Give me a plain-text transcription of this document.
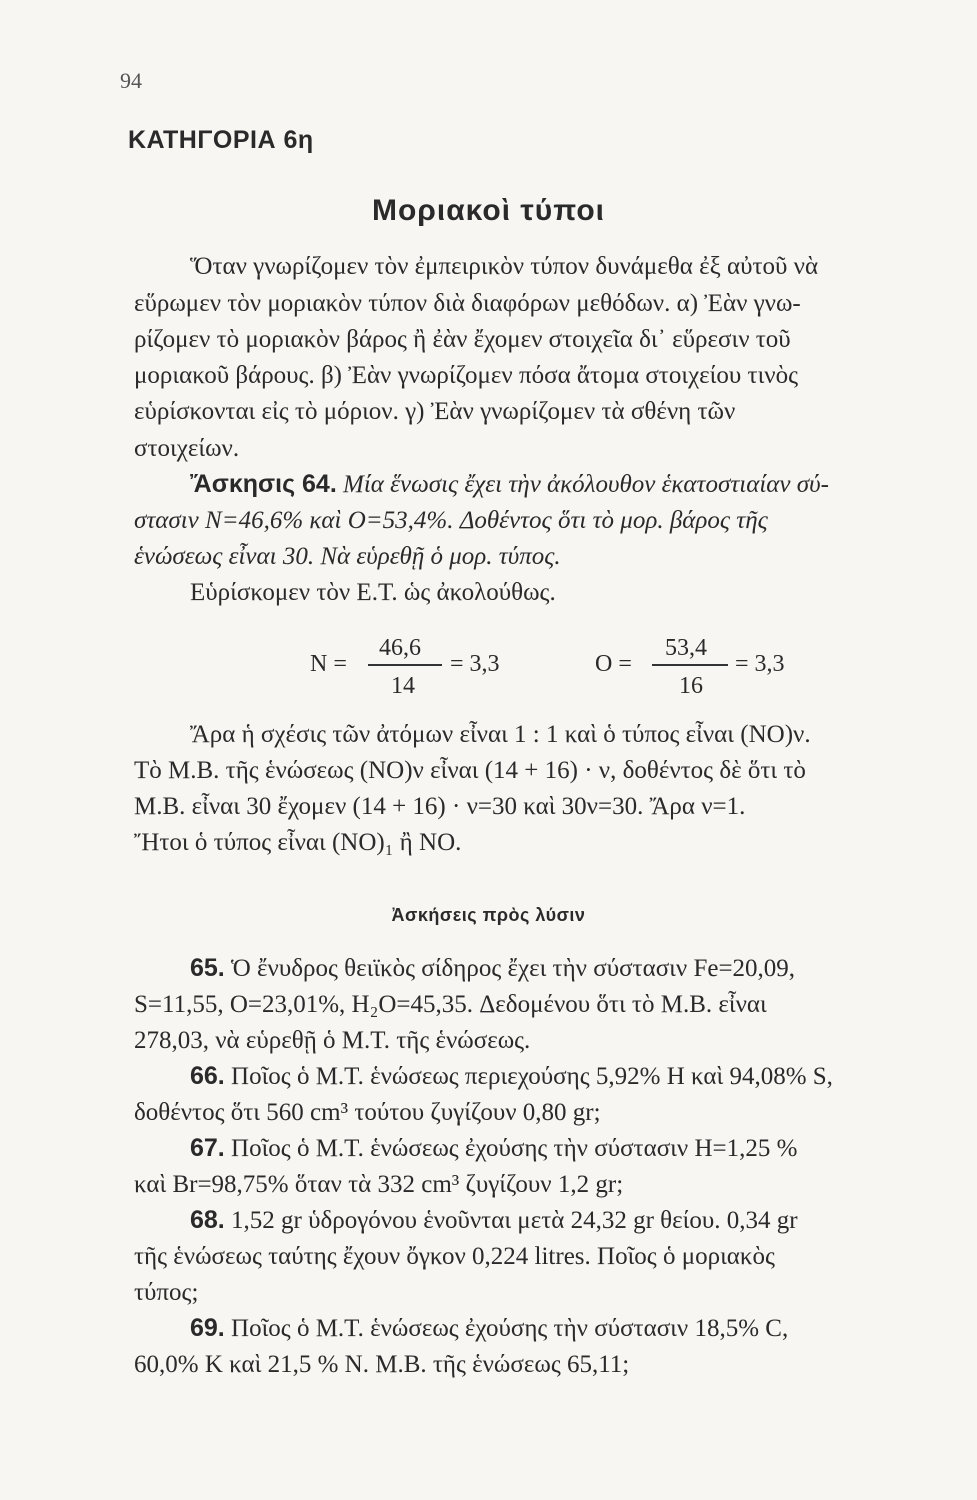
94
ΚΑΤΗΓΟΡΙΑ 6η
Μοριακοὶ τύποι
Ὅταν γνωρίζομεν τὸν ἐμπειρικὸν τύπον δυνάμεθα ἐξ αὐτοῦ νὰ
εὕρωμεν τὸν μοριακὸν τύπον διὰ διαφόρων μεθόδων. α) Ἐὰν γνω-
ρίζομεν τὸ μοριακὸν βάρος ἢ ἐὰν ἔχομεν στοιχεῖα δι᾿ εὕρεσιν τοῦ
μοριακοῦ βάρους. β) Ἐὰν γνωρίζομεν πόσα ἄτομα στοιχείου τινὸς
εὑρίσκονται εἰς τὸ μόριον. γ) Ἐὰν γνωρίζομεν τὰ σθένη τῶν
στοιχείων.
Ἄσκησις 64. Μία ἕνωσις ἔχει τὴν ἀκόλουθον ἑκατοστιαίαν σύ-
στασιν N=46,6% καὶ O=53,4%. Δοθέντος ὅτι τὸ μορ. βάρος τῆς
ἑνώσεως εἶναι 30. Νὰ εὑρεθῇ ὁ μορ. τύπος.
Εὑρίσκομεν τὸν Ε.Τ. ὡς ἀκολούθως.
N =
46,6
14
= 3,3	O =
53,4
16
= 3,3
Ἄρα ἡ σχέσις τῶν ἀτόμων εἶναι 1 : 1 καὶ ὁ τύπος εἶναι (NO)ν.
Τὸ Μ.Β. τῆς ἑνώσεως (NO)ν εἶναι (14 + 16) · ν, δοθέντος δὲ ὅτι τὸ
Μ.Β. εἶναι 30 ἔχομεν (14 + 16) · ν=30 καὶ 30ν=30. Ἄρα ν=1.
Ἤτοι ὁ τύπος εἶναι (NO)₁ ἢ NO.
Ἀσκήσεις πρὸς λύσιν
65. Ὁ ἔνυδρος θειϊκὸς σίδηρος ἔχει τὴν σύστασιν Fe=20,09,
S=11,55, O=23,01%, H₂O=45,35. Δεδομένου ὅτι τὸ Μ.Β. εἶναι
278,03, νὰ εὑρεθῇ ὁ Μ.Τ. τῆς ἑνώσεως.
66. Ποῖος ὁ Μ.Τ. ἑνώσεως περιεχούσης 5,92% H καὶ 94,08% S,
δοθέντος ὅτι 560 cm³ τούτου ζυγίζουν 0,80 gr;
67. Ποῖος ὁ Μ.Τ. ἑνώσεως ἐχούσης τὴν σύστασιν H=1,25 %
καὶ Br=98,75% ὅταν τὰ 332 cm³ ζυγίζουν 1,2 gr;
68. 1,52 gr ὑδρογόνου ἑνοῦνται μετὰ 24,32 gr θείου. 0,34 gr
τῆς ἑνώσεως ταύτης ἔχουν ὄγκον 0,224 litres. Ποῖος ὁ μοριακὸς
τύπος;
69. Ποῖος ὁ Μ.Τ. ἑνώσεως ἐχούσης τὴν σύστασιν 18,5% C,
60,0% K καὶ 21,5 % N. Μ.Β. τῆς ἑνώσεως 65,11;
